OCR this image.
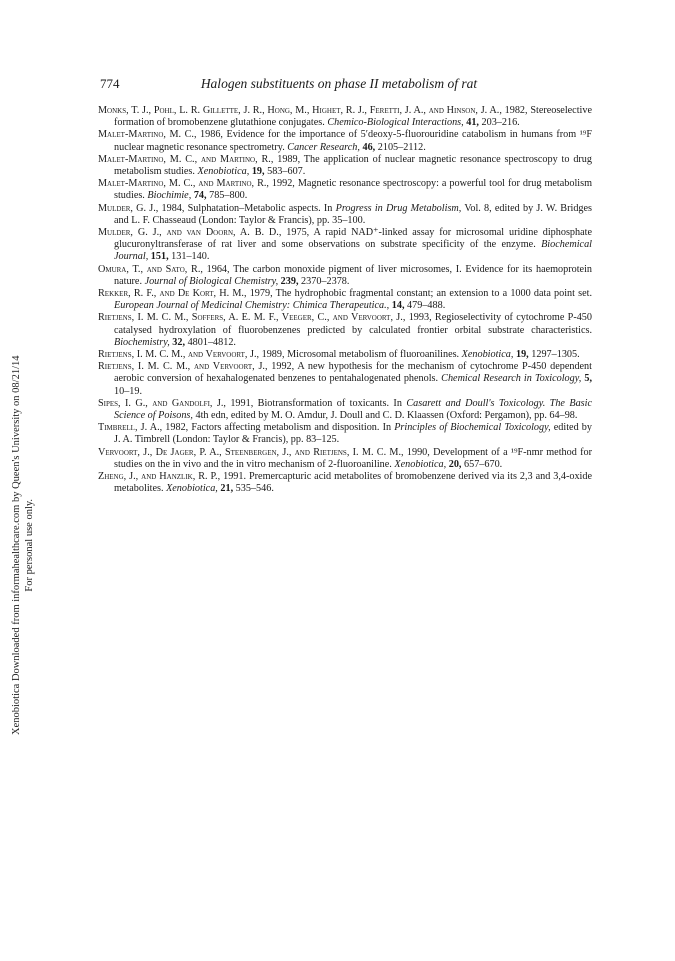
774	Halogen substituents on phase II metabolism of rat

Monks, T. J., Pohl, L. R. Gillette, J. R., Hong, M., Highet, R. J., Feretti, J. A., and Hinson, J. A., 1982, Stereoselective formation of bromobenzene glutathione conjugates. Chemico-Biological Interactions, 41, 203–216.

Malet-Martino, M. C., 1986, Evidence for the importance of 5′deoxy-5-fluorouridine catabolism in humans from ¹⁹F nuclear magnetic resonance spectrometry. Cancer Research, 46, 2105–2112.

Malet-Martino, M. C., and Martino, R., 1989, The application of nuclear magnetic resonance spectroscopy to drug metabolism studies. Xenobiotica, 19, 583–607.

Malet-Martino, M. C., and Martino, R., 1992, Magnetic resonance spectroscopy: a powerful tool for drug metabolism studies. Biochimie, 74, 785–800.

Mulder, G. J., 1984, Sulphatation–Metabolic aspects. In Progress in Drug Metabolism, Vol. 8, edited by J. W. Bridges and L. F. Chasseaud (London: Taylor & Francis), pp. 35–100.

Mulder, G. J., and van Doorn, A. B. D., 1975, A rapid NAD⁺-linked assay for microsomal uridine diphosphate glucuronyltransferase of rat liver and some observations on substrate specificity of the enzyme. Biochemical Journal, 151, 131–140.

Omura, T., and Sato, R., 1964, The carbon monoxide pigment of liver microsomes, I. Evidence for its haemoprotein nature. Journal of Biological Chemistry, 239, 2370–2378.

Rekker, R. F., and De Kort, H. M., 1979, The hydrophobic fragmental constant; an extension to a 1000 data point set. European Journal of Medicinal Chemistry: Chimica Therapeutica., 14, 479–488.

Rietjens, I. M. C. M., Soffers, A. E. M. F., Veeger, C., and Vervoort, J., 1993, Regioselectivity of cytochrome P-450 catalysed hydroxylation of fluorobenzenes predicted by calculated frontier orbital substrate characteristics. Biochemistry, 32, 4801–4812.

Rietjens, I. M. C. M., and Vervoort, J., 1989, Microsomal metabolism of fluoroanilines. Xenobiotica, 19, 1297–1305.

Rietjens, I. M. C. M., and Vervoort, J., 1992, A new hypothesis for the mechanism of cytochrome P-450 dependent aerobic conversion of hexahalogenated benzenes to pentahalogenated phenols. Chemical Research in Toxicology, 5, 10–19.

Sipes, I. G., and Gandolfi, J., 1991, Biotransformation of toxicants. In Casarett and Doull's Toxicology. The Basic Science of Poisons, 4th edn, edited by M. O. Amdur, J. Doull and C. D. Klaassen (Oxford: Pergamon), pp. 64–98.

Timbrell, J. A., 1982, Factors affecting metabolism and disposition. In Principles of Biochemical Toxicology, edited by J. A. Timbrell (London: Taylor & Francis), pp. 83–125.

Vervoort, J., De Jager, P. A., Steenbergen, J., and Rietjens, I. M. C. M., 1990, Development of a ¹⁹F-nmr method for studies on the in vivo and the in vitro mechanism of 2-fluoroaniline. Xenobiotica, 20, 657–670.

Zheng, J., and Hanzlik, R. P., 1991. Premercapturic acid metabolites of bromobenzene derived via its 2,3 and 3,4-oxide metabolites. Xenobiotica, 21, 535–546.

Xenobiotica Downloaded from informahealthcare.com by Queen's University on 08/21/14 For personal use only.
